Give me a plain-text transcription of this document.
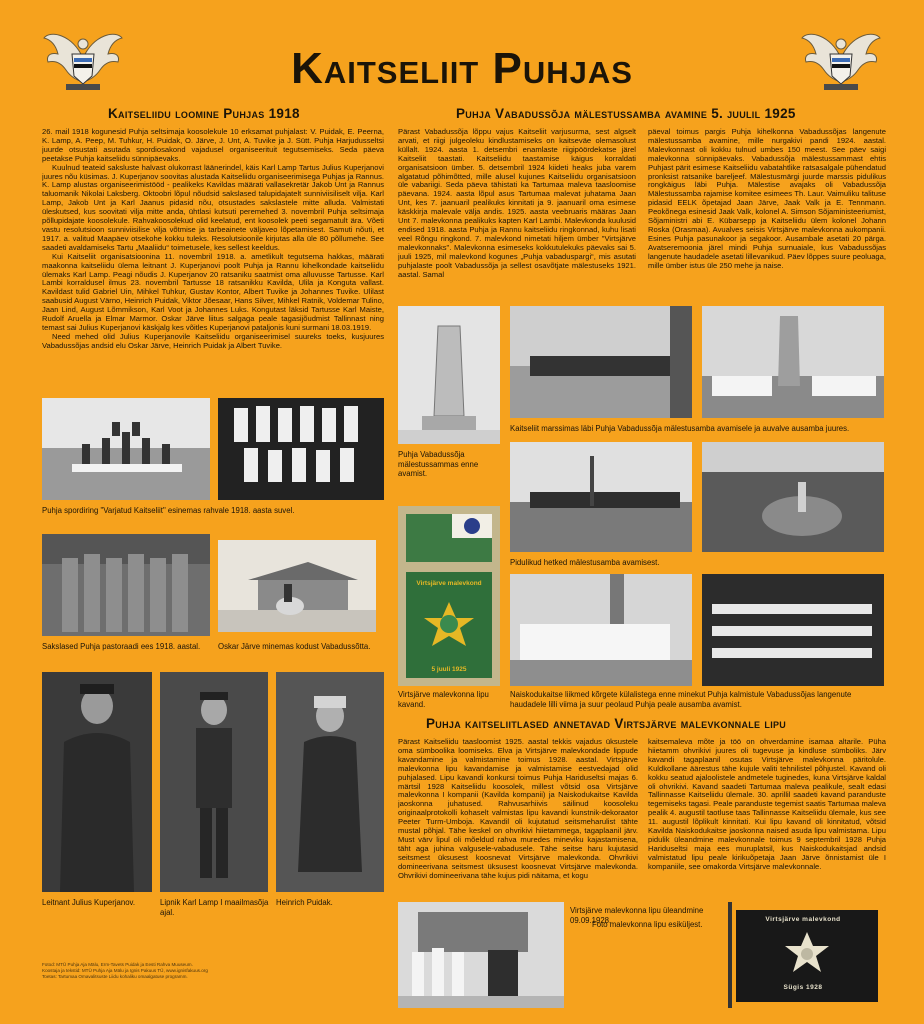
Kaitseliit Puhjas
Kaitseliidu loomine Puhjas 1918

26. mail 1918 kogunesid Puhja seltsimaja koosolekule 10 erksamat puhjalast: V. Puidak, E. Peerna, K. Lamp, A. Peep, M. Tuhkur, H. Puidak, O. Järve, J. Unt, A. Tuvike ja J. Sütt. Puhja Harjudusseltsi juurde otsustati asutada spordiosakond vajadusel organiseerituit tegutsemiseks. Seda päeva peetakse Puhja kaitseliidu sünnipäevaks.

Kuulnud teateid saksluste halvast olukorrast läänerindel, käis Karl Lamp Tartus Julius Kuperjanovi juures nõu küsimas. J. Kuperjanov soovitas alustada Kaitseliidu organiseerimisega Puhjas ja Rannus. K. Lamp alustas organiseerimistööd - pealikeks Kavildas määrati vallasekretär Jakob Unt ja Rannus taluomanik Nikolai Laksberg. Oktoobri lõpul nõudsid sakslased talupidajatelt sunniviisiliselt vilja. Karl Lamp, Jakob Unt ja Karl Jaanus pidasid nõu, otsustades sakslastele mitte alluda. Valmistati üleskutsed, kus soovitati vilja mitte anda, ühtlasi kutsuti peremehed 3. novembril Puhja seltsimaja põllupidajate koosolekule. Rahvakoosolekud olid keelatud, ent koosolek peeti segamatult ära. Võeti vastu resolutsioon sunniviisilise vilja võtmise ja tarbeainete väljaveo lõpetamisest. Samuti nõuti, et 1917. a. valitud Maapäev otsekohe kokku tuleks. Resolutsioonile kirjutas alla üle 80 põllumehe. See saadeti avaldamiseks Tartu „Maaliidu“ toimetusele, kes sellest keeldus.

Kui Kaitseliit organisatsioonina 11. novembril 1918. a. ametlikult tegutsema hakkas, määrati maakonna kaitseliidu ülema leitnant J. Kuperjanovi poolt Puhja ja Rannu kihelkondade kaitseliidu ülemaks Karl Lamp. Peagi nõudis J. Kuperjanov 20 ratsaniku saatmist oma alluvusse Tartusse. Karl Lambi korraldusel ilmus 23. novembril Tartusse 18 ratsanikku Kavilda, Ulila ja Konguta vallast. Kavildast tulid Gabriel Uin, Mihkel Tuhkur, Gustav Kontor, Albert Tuvike ja Johannes Tuvike. Ulilast saabusid August Värno, Heinrich Puidak, Viktor Jõesaar, Hans Silver, Mihkel Ratnik, Voldemar Tulino, Jaan Lind, August Lõmmikson, Karl Voot ja Johannes Luks. Kongutast läksid Tartusse Karl Maiste, Rudolf Aruella ja Elmar Marmor. Oskar Järve liitus salgaga peale tagasijõudmist Tallinnast ning temast sai Julius Kuperjanovi käskjalg kes võitles Kuperjanovi pataljonis kuni surmani 18.03.1919.

Need mehed olid Julius Kuperjanovile Kaitseliidu organiseerimisel suureks toeks, kusjuures Vabadussõjas andsid elu Oskar Järve, Heinrich Puidak ja Albert Tuvike.

Puhja spordiring "Varjatud Kaitseliit" esinemas rahvale 1918. aasta suvel.
Sakslased Puhja pastoraadi ees 1918. aastal.	Oskar Järve minemas kodust Vabadussõtta.
Leitnant Julius Kuperjanov.	Lipnik Karl Lamp I maailmasõja ajal.
Heinrich Puidak.
Fotod: MTÜ Puhja Aja Mälu, Erm-Tavets Puidak ja Eesti Rahva Muuseum.
Koostaja ja tekstid: MTÜ Puhja Aja Mälu ja Ignis Pakuus TÜ, www.ignisfakuus.org
Toetas: Tartumaa Omavalitsuste Liidu kohaliku omaalgatuse programm.
Puhja Vabadussõja mälestussamba avamine 5. juulil 1925
Pärast Vabadussõja lõppu vajus Kaitseliit varjusurma, sest algselt arvati, et riigi julgeoleku kindlustamiseks on kaitseväe olemasolust küllalt. 1924. aasta 1. detsembri enamlaste riigipöördekatse järel Kaitseliit taastati. Kaitseliidu taastamise käigus korraldati organisatsioon ümber. 5. detsembril 1924 kiideti heaks juba varem algatatud põhimõtted, mille alusel kujunes Kaitseliidu organisatsioon üle vabariigi. Seda päeva tähistati ka Tartumaa maleva taasloomise päevana. 1924. aasta lõpul asus Tartumaa malevat juhatama Jaan Unt, kes 7. jaanuaril pealikuks kinnitati ja 9. jaanuaril oma esimese käskkirja malevale välja andis. 1925. aasta veebruaris määras Jaan Unt 7. malevkonna pealikuks kapten Karl Lambi. Malevkonda kuulusid endised 1918. aasta Puhja ja Rannu kaitseliidu ringkonnad, kuhu lisati veel Rõngu ringkond. 7. malevkond nimetati hiljem ümber "Virtsjärve malevkonnaks". Malevkonna esimeseks kokkutulekuks päevaks sai 5. juuli 1925, mil malevkond kogunes „Puhja vabaduspargi“, mis asutati puhjalaste poolt Vabadussõja ja sellest osavõtjate mälestuseks 1921. aastal. Samal
päeval toimus pargis Puhja kihelkonna Vabadussõjas langenute mälestussamba avamine, mille nurgakivi pandi 1924. aastal. Malevkonnast oli kokku tulnud umbes 150 meest. See päev saigi malevkonna sünnipäevaks. Vabadussõja mälestussammast ehtis Puhjast pärit esimese Kaitseliidu vabatahtlike ratsasalgale pühendatud pronksist ratsanike bareljeef. Mälestusmärgi juurde marssis pidulikus rongkäigus läbi Puhja. Mälestise avajaks oli Vabadussõja Mälestussamba rajamise komitee esimees Th. Laur. Vaimuliku talituse pidasid EELK õpetajad Jaan Järve, Jaak Valk ja E. Tennmann. Peokõnega esinesid Jaak Valk, kolonel A. Simson Sõjaministeeriumist, Sõjaministri abi E. Kübarsepp ja Kaitseliidu ülem kolonel Johann Roska (Orasmaa). Avualves seisis Virtsjärve malevkonna aukompanii. Esines Puhja pasunakoor ja segakoor. Ausambale asetati 20 pärga. Avatseremoonia järel mindi Puhja surnuaiale, kus Vabadussõjas langenute haudadele asetati lillevanikud. Päev lõppes suure peoluaga, mille ümber istus üle 250 mehe ja naise.
Puhja Vabadussõja mälestussammas enne avamist.
Kaitseliit marssimas läbi Puhja Vabadussõja mälestusamba avamisele ja auvalve ausamba juures.
Pidulikud hetked mälestusamba avamisest.
Virtsjärve malevkond
5 juuli 1925
Virtsjärve malevkonna lipu kavand.
Naiskodukaitse liikmed kõrgete külalistega enne minekut Puhja kalmistule Vabadussõjas langenute haudadele lilli viima ja suur peolaud Puhja peale ausamba avamist.
Puhja kaitseliitlased annetavad Virtsjärve malevkonnale lipu
Pärast Kaitseliidu taasloomist 1925. aastal tekkis vajadus üksustele oma sümboolika loomiseks. Elva ja Virtsjärve malevkondade lippude kavandamine ja valmistamine toimus 1928. aastal. Virtsjärve malevkonna lipu kavandamise ja valmistamise eestvedajad olid puhjalased. Lipu kavandi konkursi toimus Puhja Hariduseltsi majas 6. märtsil 1928 Kaitseliidu koosolek, millest võtsid osa Virtsjärve malevkonna I kompanii (Kavilda kompanii) ja Naiskodukaitse Kavilda jaoskonna juhatused. Rahvusarhiivis säilinud koosoleku originaalprotokolli kohaselt valmistas lipu kavandi kunstnik-dekoraator Peeter Turm-Umboja. Kavandil oli kujutatud seitsmeharulist tähte mustal põhjal. Tähe keskel on ohvrikivi hiietammega, tagaplaanil järv. Must värv lipul oli mõeldud rahva muredes mineviku kajastamisena, täht aga juhina valgusele-vabadusele. Tähe seitse haru kujutasid seitsmest üksusest koosnevat Virtsjärve malevkonda. Ohvrikivi domineerivana seitsmest üksusest koosnevat Virtsjärve malevkonda. Ohvrikivi domineerivana tähe kujus pidi näitama, et kogu
kaitsemaleva mõte ja töö on ohverdamine isamaa altarile. Püha hiietamm ohvrikivi juures oli tugevuse ja kindluse sümboliks. Järv kavandi tagaplaanil osutas Virtsjärve malevkonna päritolule. Kuldkollane äärestus tähe kujule valiti tehnilistel põhjustel. Kavand oli kokku seatud ajaloolistele andmetele tuginedes, kuna Virtsjärve kaldal oli ohvrikivi. Kavand saadeti Tartumaa maleva pealikule, sealt edasi Tallinnasse Kaitseliidu ülemale. 30. aprillil saadeti kavand paranduste tegemiseks tagasi. Peale paranduste tegemist saatis Tartumaa maleva pealik 4. augustil taotluse taas Tallinnasse Kaitseliidu ülemale, kus see 11. augustil lõplikult kinnitati. Kui lipu kavand oli kinnitatud, võtsid Kavilda Naiskodukaitse jaoskonna naised asuda lipu valmistama. Lipu pidulik üleandmine malevkonnale toimus 9 septembril 1928 Puhja Hariduseltsi maja ees muruplatsil, kus Naiskodukaitsjad andsid valmistatud lipu peale kirikuõpetaja Jaan Järve õnnistamist üle I kompaniile, see omakorda Virtsjärve malevkonnale.
Virtsjärve malevkonna lipu üleandmine 09.09.1928.
Foto malevkonna lipu esiküljest.
Virtsjärve malevkond
Sügis 1928
